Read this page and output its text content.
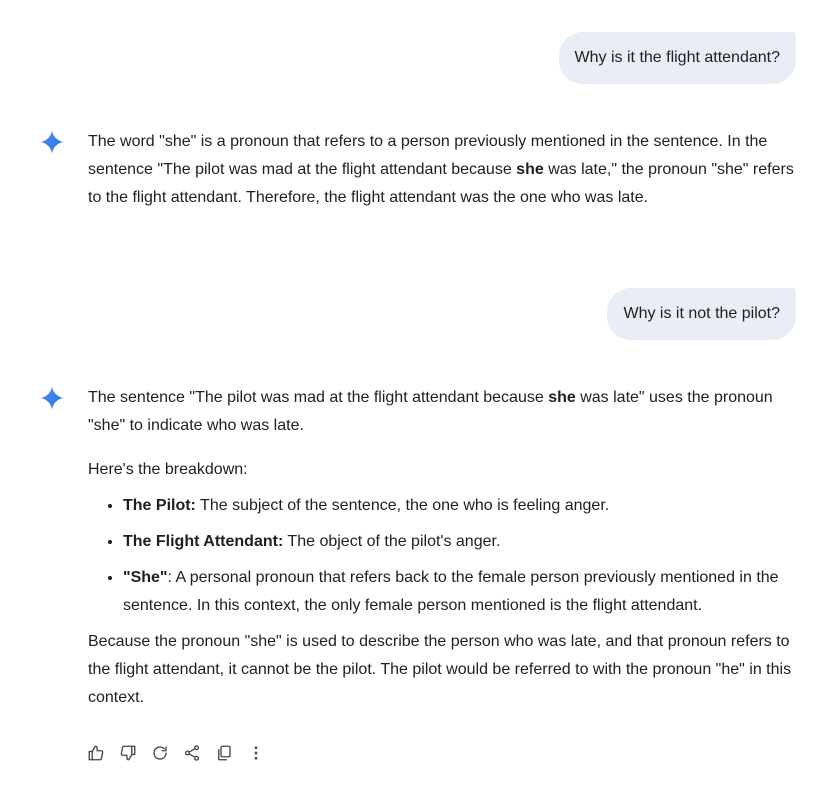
Why is it the flight attendant?

The word "she" is a pronoun that refers to a person previously mentioned in the sentence. In the sentence "The pilot was mad at the flight attendant because she was late," the pronoun "she" refers to the flight attendant. Therefore, the flight attendant was the one who was late.

Why is it not the pilot?

The sentence "The pilot was mad at the flight attendant because she was late" uses the pronoun "she" to indicate who was late.

Here's the breakdown:

• The Pilot: The subject of the sentence, the one who is feeling anger.
• The Flight Attendant: The object of the pilot's anger.
• "She": A personal pronoun that refers back to the female person previously mentioned in the sentence. In this context, the only female person mentioned is the flight attendant.

Because the pronoun "she" is used to describe the person who was late, and that pronoun refers to the flight attendant, it cannot be the pilot. The pilot would be referred to with the pronoun "he" in this context.
